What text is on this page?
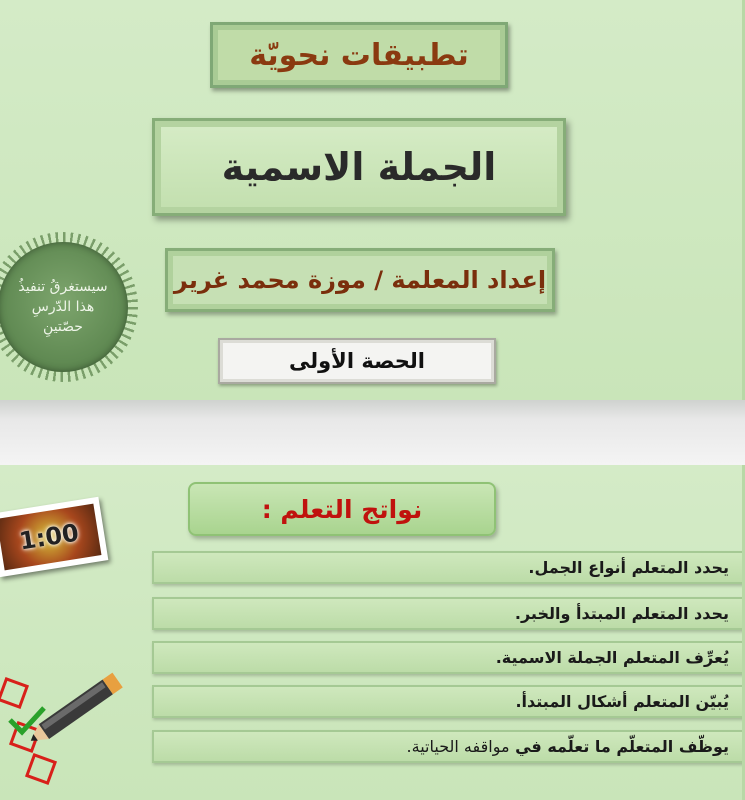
سيستغرقُ تنفيذُ
هذا الدّرسِ
حصّتينِ
تطبيقات نحويّة
الجملة الاسمية
إعداد المعلمة / موزة محمد غرير
الحصة الأولى
1:00
نواتج التعلم :
يحدد المتعلم أنواع الجمل.
يحدد المتعلم المبتدأ والخبر.
يُعرِّف المتعلم الجملة الاسمية.
يُبيّن المتعلم أشكال المبتدأ.
يوظّف المتعلّم ما تعلّمه في مواقفه الحياتية.
